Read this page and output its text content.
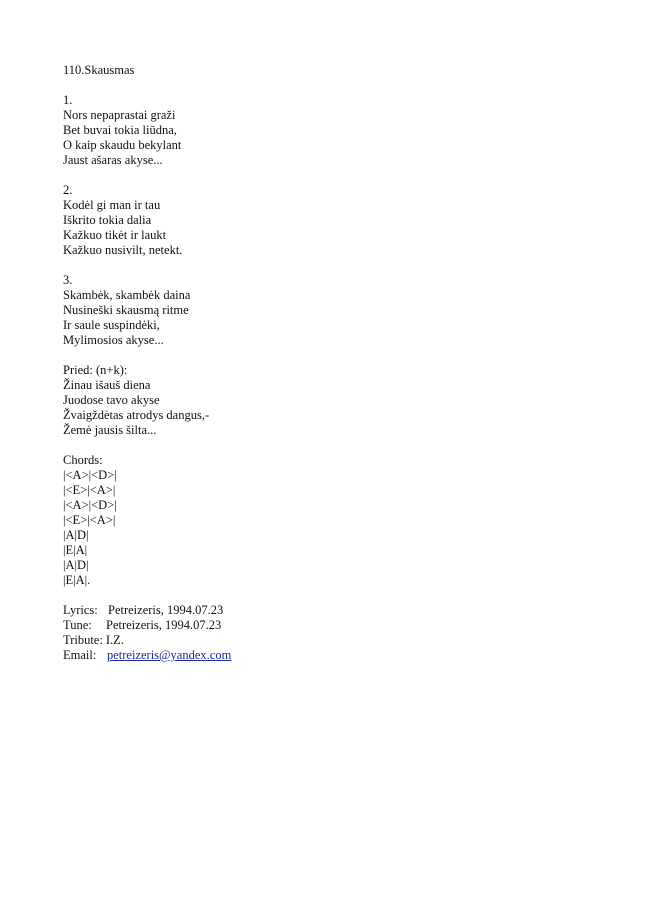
110.Skausmas
1.
Nors nepaprastai graži
Bet buvai tokia liūdna,
O kaip skaudu bekylant
Jaust ašaras akyse...
2.
Kodėl gi man ir tau
Iškrito tokia dalia
Kažkuo tikėt ir laukt
Kažkuo nusivilt, netekt.
3.
Skambėk, skambėk daina
Nusineški skausmą ritme
Ir saule suspindėki,
Mylimosios akyse...
Pried: (n+k):
Žinau išauš diena
Juodose tavo akyse
Žvaigždėtas atrodys dangus,-
Žemė jausis šilta...
Chords:
|<A>|<D>|
|<E>|<A>|
|<A>|<D>|
|<E>|<A>|
|A|D|
|E|A|
|A|D|
|E|A|.
Lyrics: Petreizeris, 1994.07.23
Tune: Petreizeris, 1994.07.23
Tribute: I.Z.
Email: petreizeris@yandex.com
